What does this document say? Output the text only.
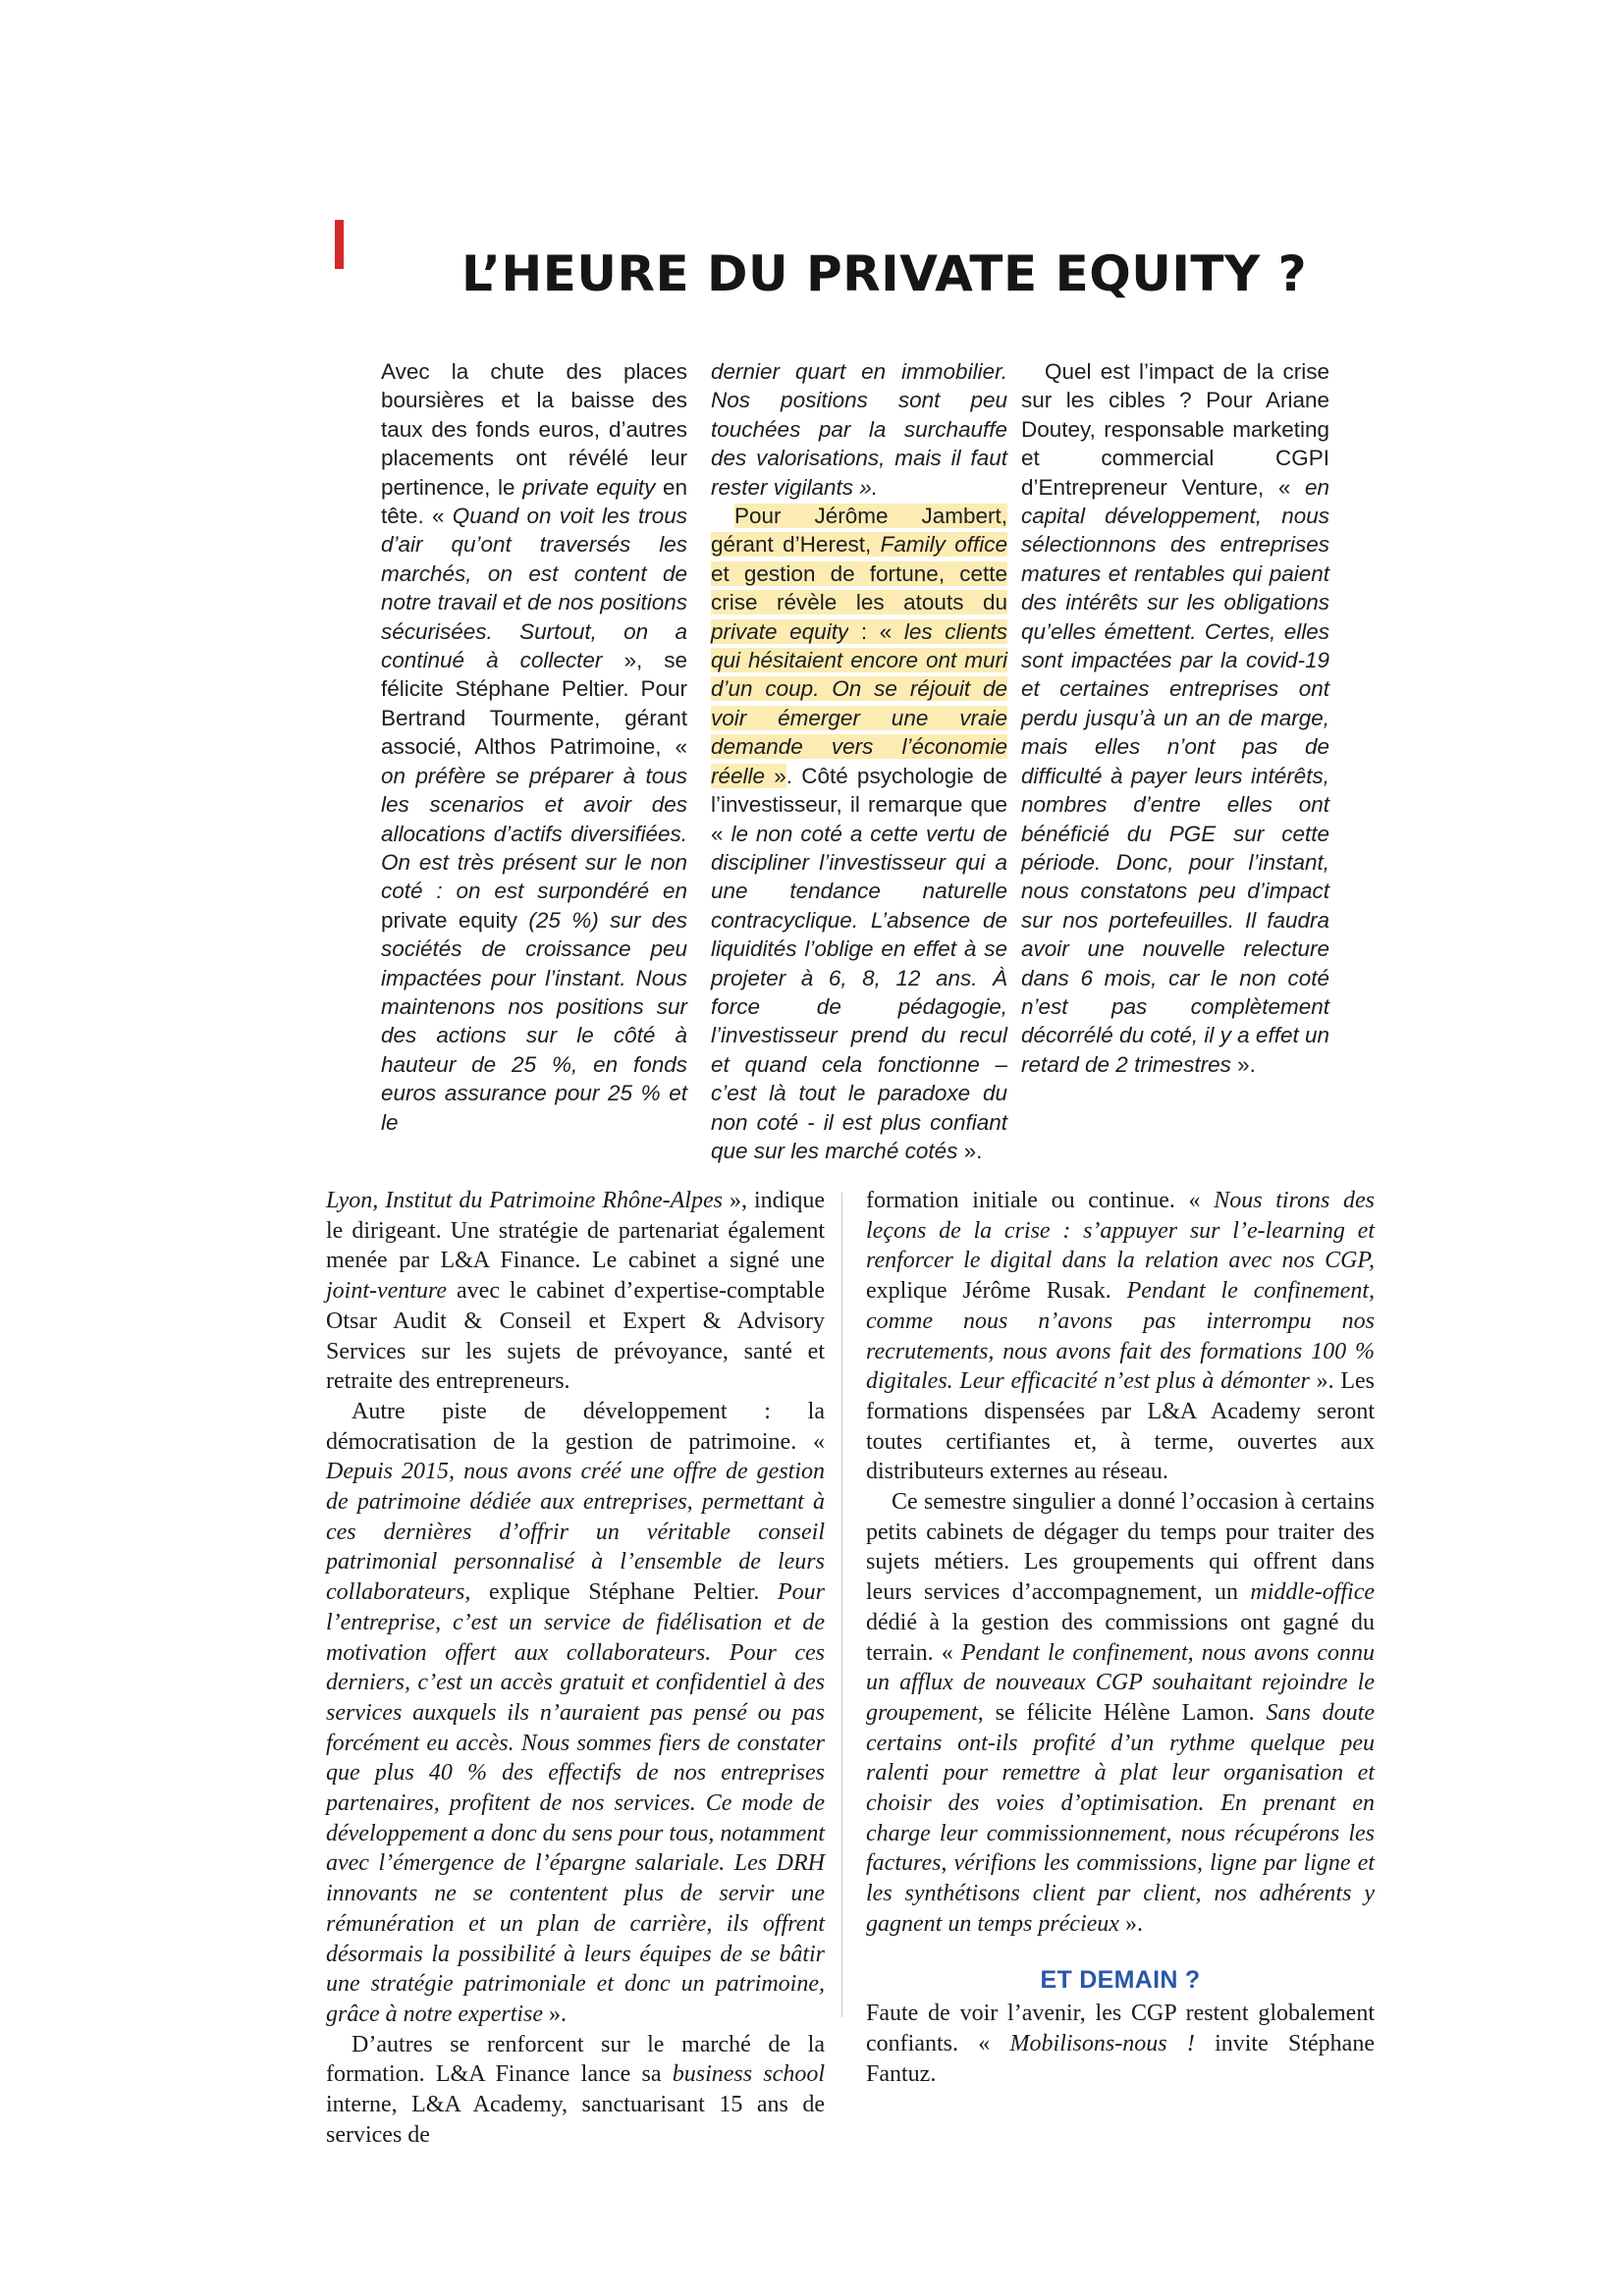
L’HEURE DU PRIVATE EQUITY ?

Avec la chute des places boursières et la baisse des taux des fonds euros, d’autres placements ont révélé leur pertinence, le private equity en tête. « Quand on voit les trous d’air qu’ont traversés les marchés, on est content de notre travail et de nos positions sécurisées. Surtout, on a continué à collecter », se félicite Stéphane Peltier. Pour Bertrand Tourmente, gérant associé, Althos Patrimoine, « on préfère se préparer à tous les scenarios et avoir des allocations d’actifs diversifiées. On est très présent sur le non coté : on est surpondéré en private equity (25 %) sur des sociétés de croissance peu impactées pour l’instant. Nous maintenons nos positions sur des actions sur le côté à hauteur de 25 %, en fonds euros assurance pour 25 % et le

dernier quart en immobilier. Nos positions sont peu touchées par la surchauffe des valorisations, mais il faut rester vigilants ».

Pour Jérôme Jambert, gérant d’Herest, Family office et gestion de fortune, cette crise révèle les atouts du private equity : « les clients qui hésitaient encore ont muri d’un coup. On se réjouit de voir émerger une vraie demande vers l’économie réelle ». Côté psychologie de l’investisseur, il remarque que « le non coté a cette vertu de discipliner l’investisseur qui a une tendance naturelle contracyclique. L’absence de liquidités l’oblige en effet à se projeter à 6, 8, 12 ans. À force de pédagogie, l’investisseur prend du recul et quand cela fonctionne – c’est là tout le paradoxe du non coté - il est plus confiant que sur les marché cotés ».

Quel est l’impact de la crise sur les cibles ? Pour Ariane Doutey, responsable marketing et commercial CGPI d’Entrepreneur Venture, « en capital développement, nous sélectionnons des entreprises matures et rentables qui paient des intérêts sur les obligations qu’elles émettent. Certes, elles sont impactées par la covid-19 et certaines entreprises ont perdu jusqu’à un an de marge, mais elles n’ont pas de difficulté à payer leurs intérêts, nombres d’entre elles ont bénéficié du PGE sur cette période. Donc, pour l’instant, nous constatons peu d’impact sur nos portefeuilles. Il faudra avoir une nouvelle relecture dans 6 mois, car le non coté n’est pas complètement décorrélé du coté, il y a effet un retard de 2 trimestres ».

Lyon, Institut du Patrimoine Rhône-Alpes », indique le dirigeant. Une stratégie de partenariat également menée par L&A Finance. Le cabinet a signé une joint-venture avec le cabinet d’expertise-comptable Otsar Audit & Conseil et Expert & Advisory Services sur les sujets de prévoyance, santé et retraite des entrepreneurs.

Autre piste de développement : la démocratisation de la gestion de patrimoine. « Depuis 2015, nous avons créé une offre de gestion de patrimoine dédiée aux entreprises, permettant à ces dernières d’offrir un véritable conseil patrimonial personnalisé à l’ensemble de leurs collaborateurs, explique Stéphane Peltier. Pour l’entreprise, c’est un service de fidélisation et de motivation offert aux collaborateurs. Pour ces derniers, c’est un accès gratuit et confidentiel à des services auxquels ils n’auraient pas pensé ou pas forcément eu accès. Nous sommes fiers de constater que plus 40 % des effectifs de nos entreprises partenaires, profitent de nos services. Ce mode de développement a donc du sens pour tous, notamment avec l’émergence de l’épargne salariale. Les DRH innovants ne se contentent plus de servir une rémunération et un plan de carrière, ils offrent désormais la possibilité à leurs équipes de se bâtir une stratégie patrimoniale et donc un patrimoine, grâce à notre expertise ».

D’autres se renforcent sur le marché de la formation. L&A Finance lance sa business school interne, L&A Academy, sanctuarisant 15 ans de services de

formation initiale ou continue. « Nous tirons des leçons de la crise : s’appuyer sur l’e-learning et renforcer le digital dans la relation avec nos CGP, explique Jérôme Rusak. Pendant le confinement, comme nous n’avons pas interrompu nos recrutements, nous avons fait des formations 100 % digitales. Leur efficacité n’est plus à démonter ». Les formations dispensées par L&A Academy seront toutes certifiantes et, à terme, ouvertes aux distributeurs externes au réseau.

Ce semestre singulier a donné l’occasion à certains petits cabinets de dégager du temps pour traiter des sujets métiers. Les groupements qui offrent dans leurs services d’accompagnement, un middle-office dédié à la gestion des commissions ont gagné du terrain. « Pendant le confinement, nous avons connu un afflux de nouveaux CGP souhaitant rejoindre le groupement, se félicite Hélène Lamon. Sans doute certains ont-ils profité d’un rythme quelque peu ralenti pour remettre à plat leur organisation et choisir des voies d’optimisation. En prenant en charge leur commissionnement, nous récupérons les factures, vérifions les commissions, ligne par ligne et les synthétisons client par client, nos adhérents y gagnent un temps précieux ».

ET DEMAIN ?

Faute de voir l’avenir, les CGP restent globalement confiants. « Mobilisons-nous ! invite Stéphane Fantuz.
